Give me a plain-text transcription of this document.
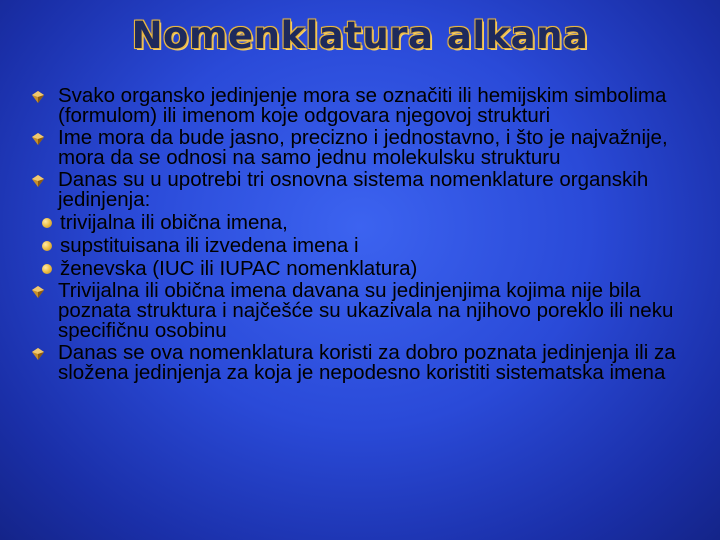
Nomenklatura alkana
Svako organsko jedinjenje mora se označiti ili hemijskim simbolima (formulom) ili imenom koje odgovara njegovoj strukturi
Ime mora da bude jasno, precizno i jednostavno, i što je najvažnije, mora da se odnosi na samo jednu molekulsku strukturu
Danas su u upotrebi tri osnovna sistema nomenklature organskih jedinjenja:
trivijalna ili obična imena,
supstituisana ili izvedena imena i
ženevska (IUC ili IUPAC nomenklatura)
Trivijalna ili obična imena davana su jedinjenjima kojima nije bila poznata struktura i najčešće su ukazivala na njihovo poreklo ili neku specifičnu osobinu
Danas se ova nomenklatura koristi za dobro poznata jedinjenja ili za složena jedinjenja za koja je nepodesno koristiti sistematska imena
